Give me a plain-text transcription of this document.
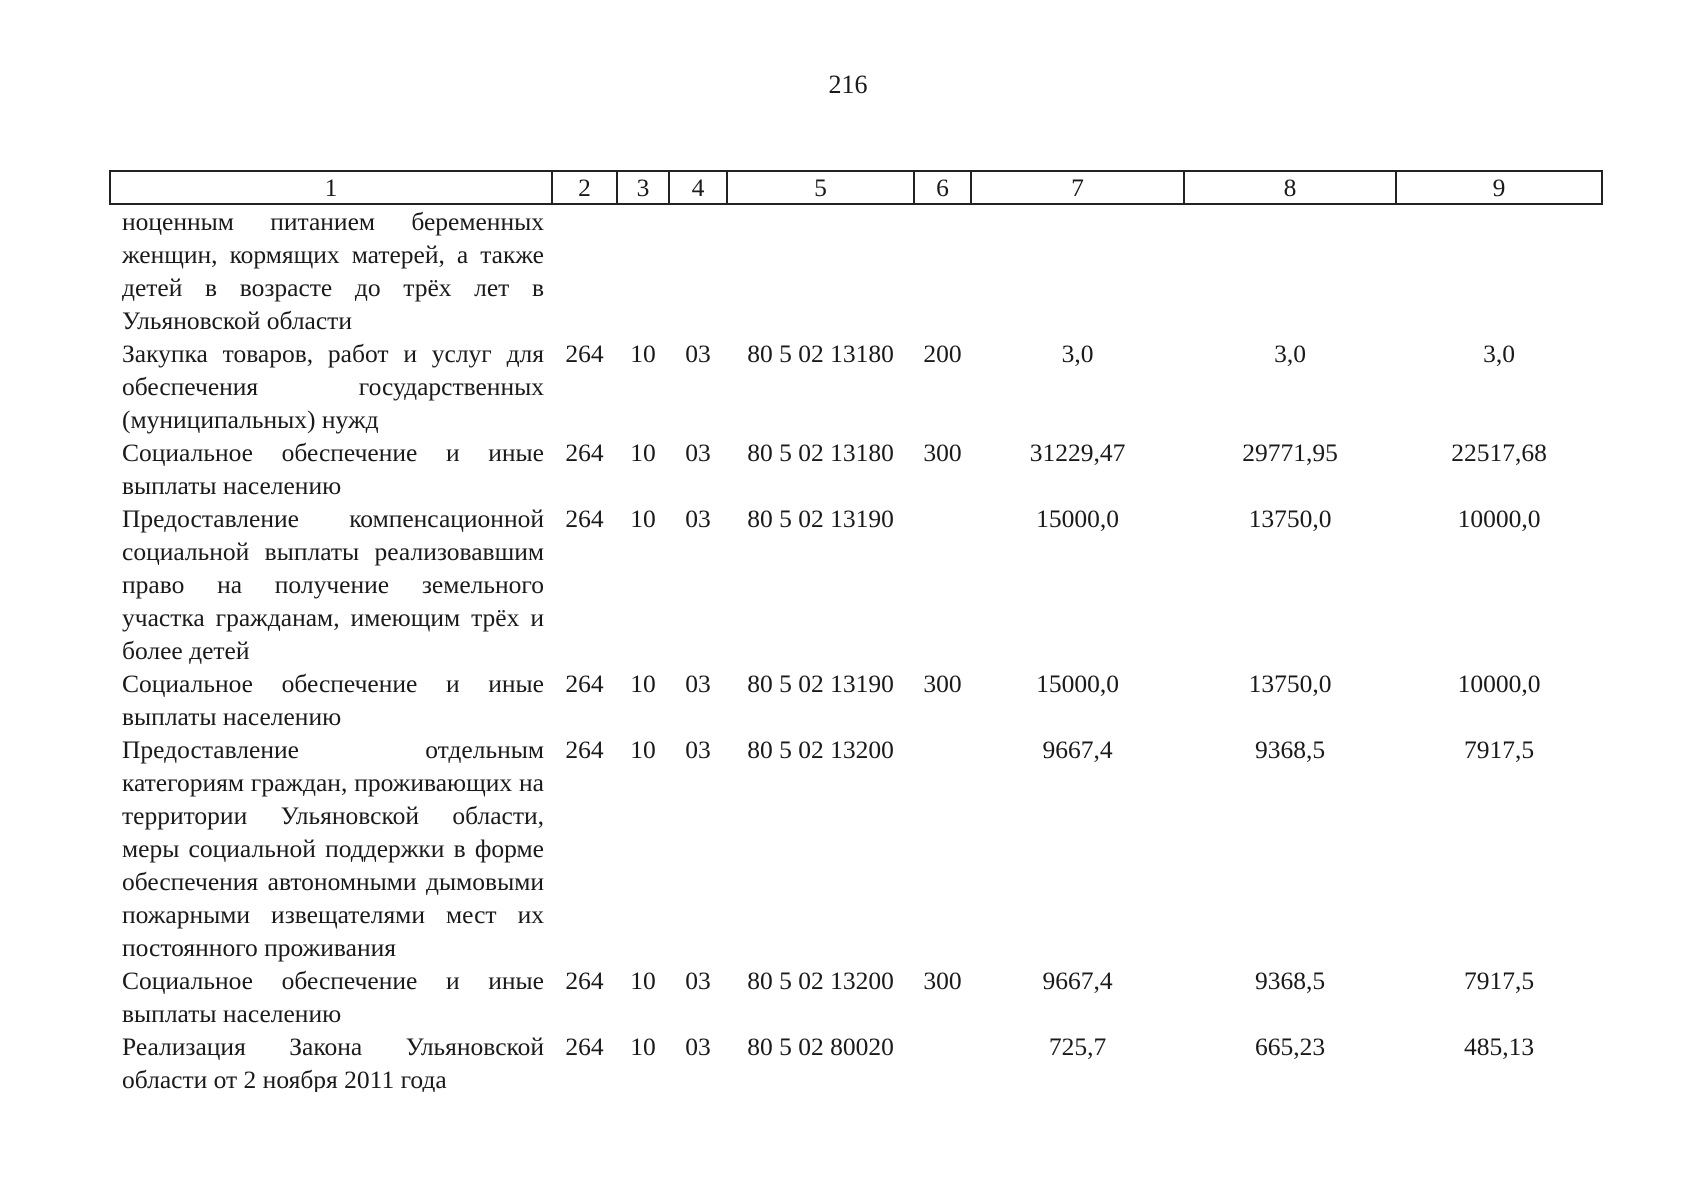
216
1	2	3	4	5	6	7	8	9
ноценным питанием беременных женщин, кормящих матерей, а также детей в возрасте до трёх лет в Ульяновской области								
Закупка товаров, работ и услуг для обеспечения государственных (муниципальных) нужд	264	10	03	80 5 02 13180	200	3,0	3,0	3,0
Социальное обеспечение и иные выплаты населению	264	10	03	80 5 02 13180	300	31229,47	29771,95	22517,68
Предоставление компенсационной социальной выплаты реализовавшим право на получение земельного участка гражданам, имеющим трёх и более детей	264	10	03	80 5 02 13190		15000,0	13750,0	10000,0
Социальное обеспечение и иные выплаты населению	264	10	03	80 5 02 13190	300	15000,0	13750,0	10000,0
Предоставление отдельным категориям граждан, проживающих на территории Ульяновской области, меры социальной поддержки в форме обеспечения автономными дымовыми пожарными извещателями мест их постоянного проживания	264	10	03	80 5 02 13200		9667,4	9368,5	7917,5
Социальное обеспечение и иные выплаты населению	264	10	03	80 5 02 13200	300	9667,4	9368,5	7917,5

Реализация Закона Ульяновской области от 2 ноября 2011 года	264	10	03	80 5 02 80020		725,7	665,23	485,13
